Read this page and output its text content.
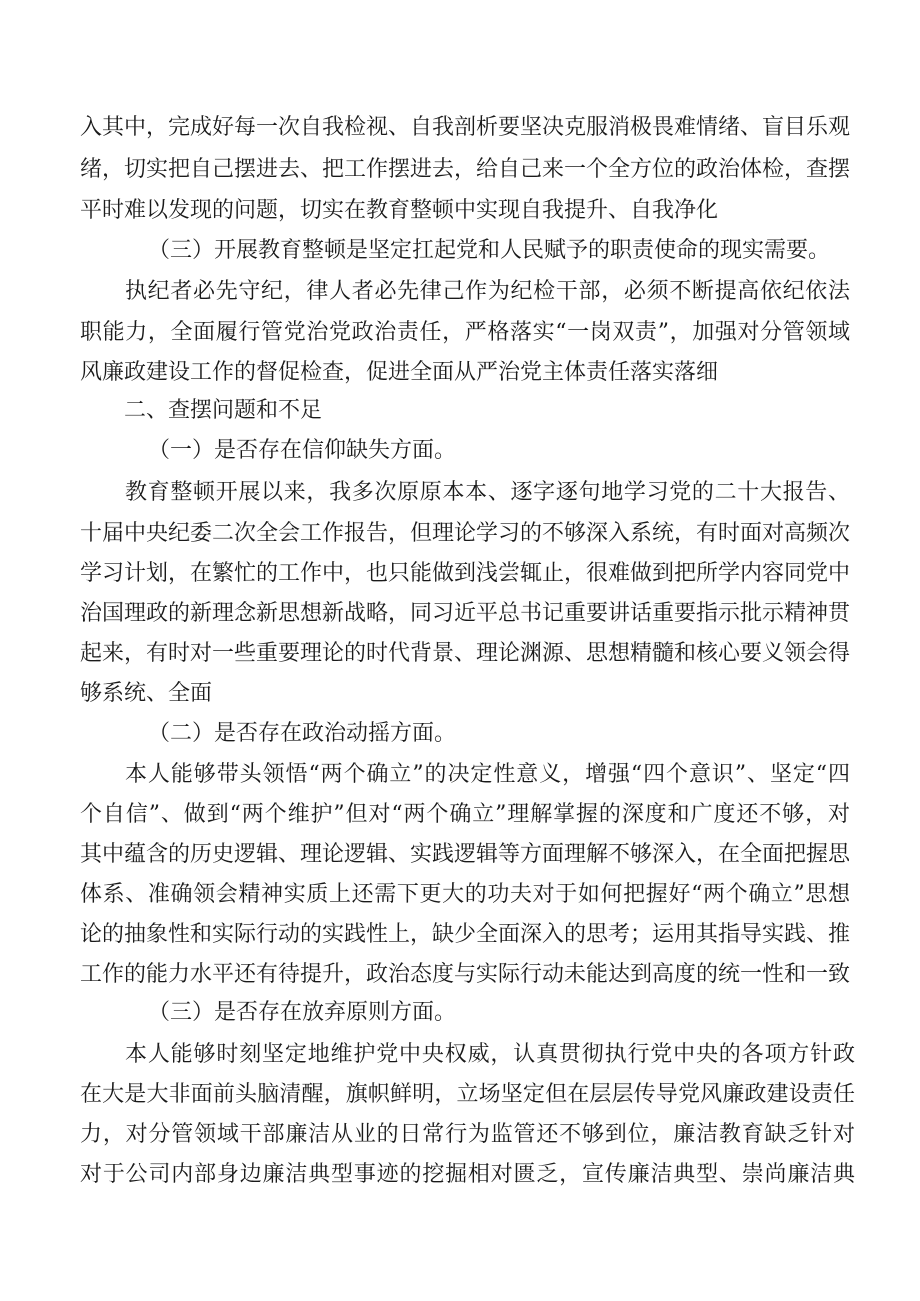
入其中，完成好每一次自我检视、自我剖析要坚决克服消极畏难情绪、盲目乐观
绪，切实把自己摆进去、把工作摆进去，给自己来一个全方位的政治体检，查摆
平时难以发现的问题，切实在教育整顿中实现自我提升、自我净化
（三）开展教育整顿是坚定扛起党和人民赋予的职责使命的现实需要。
执纪者必先守纪，律人者必先律己作为纪检干部，必须不断提高依纪依法
职能力，全面履行管党治党政治责任，严格落实“一岗双责”，加强对分管领域
风廉政建设工作的督促检查，促进全面从严治党主体责任落实落细
二、查摆问题和不足
（一）是否存在信仰缺失方面。
教育整顿开展以来，我多次原原本本、逐字逐句地学习党的二十大报告、
十届中央纪委二次全会工作报告，但理论学习的不够深入系统，有时面对高频次
学习计划，在繁忙的工作中，也只能做到浅尝辄止，很难做到把所学内容同党中
治国理政的新理念新思想新战略，同习近平总书记重要讲话重要指示批示精神贯
起来，有时对一些重要理论的时代背景、理论渊源、思想精髓和核心要义领会得
够系统、全面
（二）是否存在政治动摇方面。
本人能够带头领悟“两个确立”的决定性意义，增强“四个意识”、坚定“四
个自信”、做到“两个维护”但对“两个确立”理解掌握的深度和广度还不够，对
其中蕴含的历史逻辑、理论逻辑、实践逻辑等方面理解不够深入，在全面把握思
体系、准确领会精神实质上还需下更大的功夫对于如何把握好“两个确立”思想
论的抽象性和实际行动的实践性上，缺少全面深入的思考；运用其指导实践、推
工作的能力水平还有待提升，政治态度与实际行动未能达到高度的统一性和一致
（三）是否存在放弃原则方面。
本人能够时刻坚定地维护党中央权威，认真贯彻执行党中央的各项方针政
在大是大非面前头脑清醒，旗帜鲜明，立场坚定但在层层传导党风廉政建设责任
力，对分管领域干部廉洁从业的日常行为监管还不够到位，廉洁教育缺乏针对
对于公司内部身边廉洁典型事迹的挖掘相对匮乏，宣传廉洁典型、崇尚廉洁典
